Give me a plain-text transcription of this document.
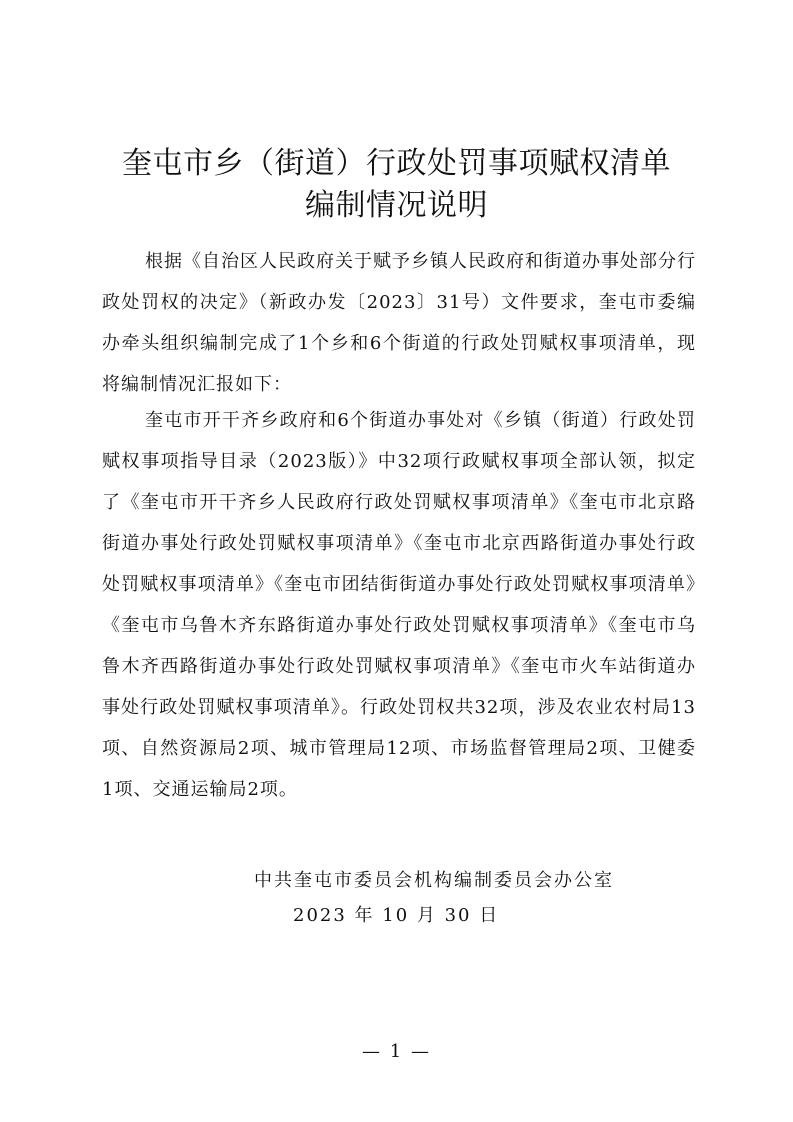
奎屯市乡（街道）行政处罚事项赋权清单
编制情况说明

根据《自治区人民政府关于赋予乡镇人民政府和街道办事处部分行政处罚权的决定》（新政办发〔2023〕31号）文件要求，奎屯市委编办牵头组织编制完成了1个乡和6个街道的行政处罚赋权事项清单，现将编制情况汇报如下：

奎屯市开干齐乡政府和6个街道办事处对《乡镇（街道）行政处罚赋权事项指导目录（2023版）》中32项行政赋权事项全部认领，拟定了《奎屯市开干齐乡人民政府行政处罚赋权事项清单》《奎屯市北京路街道办事处行政处罚赋权事项清单》《奎屯市北京西路街道办事处行政处罚赋权事项清单》《奎屯市团结街街道办事处行政处罚赋权事项清单》《奎屯市乌鲁木齐东路街道办事处行政处罚赋权事项清单》《奎屯市乌鲁木齐西路街道办事处行政处罚赋权事项清单》《奎屯市火车站街道办事处行政处罚赋权事项清单》。行政处罚权共32项，涉及农业农村局13项、自然资源局2项、城市管理局12项、市场监督管理局2项、卫健委1项、交通运输局2项。

中共奎屯市委员会机构编制委员会办公室
2023 年 10 月 30 日
— 1 —
